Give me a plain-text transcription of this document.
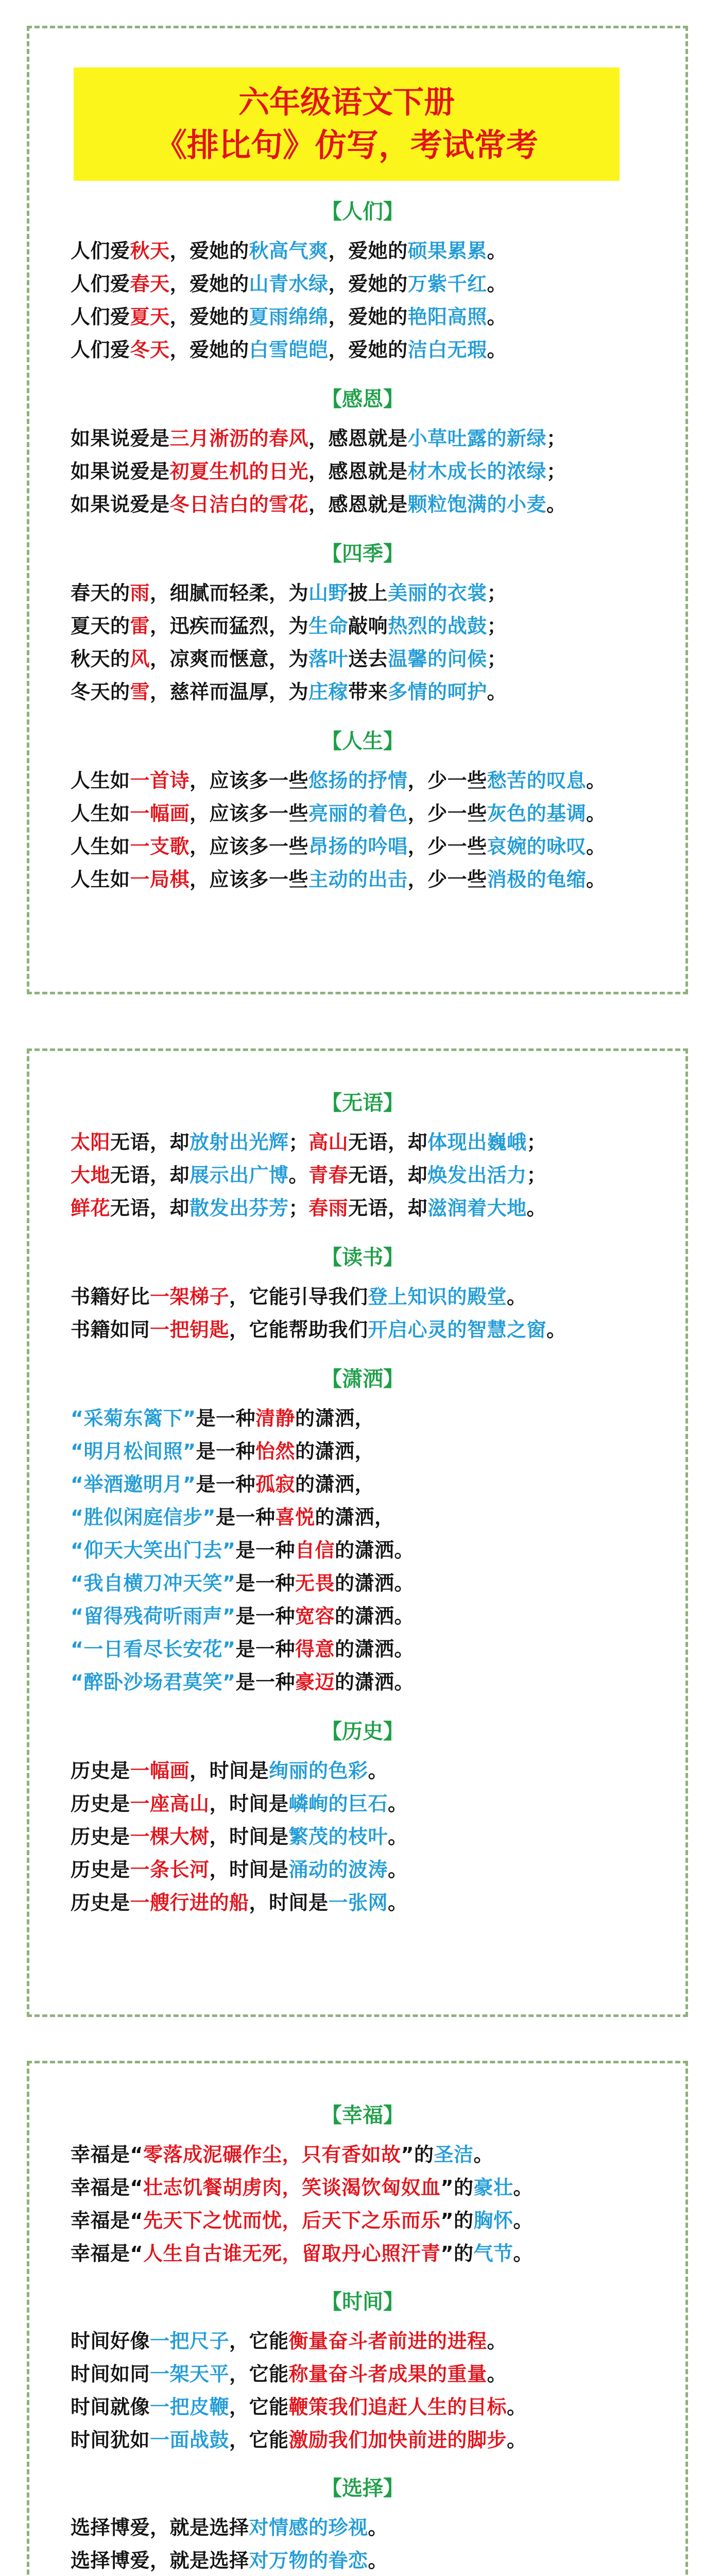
六年级语文下册
《排比句》仿写，考试常考
【人们】
人们爱秋天，爱她的秋高气爽，爱她的硕果累累。
人们爱春天，爱她的山青水绿，爱她的万紫千红。
人们爱夏天，爱她的夏雨绵绵，爱她的艳阳高照。
人们爱冬天，爱她的白雪皑皑，爱她的洁白无瑕。
【感恩】
如果说爱是三月淅沥的春风，感恩就是小草吐露的新绿；
如果说爱是初夏生机的日光，感恩就是材木成长的浓绿；
如果说爱是冬日洁白的雪花，感恩就是颗粒饱满的小麦。
【四季】
春天的雨，细腻而轻柔，为山野披上美丽的衣裳；
夏天的雷，迅疾而猛烈，为生命敲响热烈的战鼓；
秋天的风，凉爽而惬意，为落叶送去温馨的问候；
冬天的雪，慈祥而温厚，为庄稼带来多情的呵护。
【人生】
人生如一首诗，应该多一些悠扬的抒情，少一些愁苦的叹息。
人生如一幅画，应该多一些亮丽的着色，少一些灰色的基调。
人生如一支歌，应该多一些昂扬的吟唱，少一些哀婉的咏叹。
人生如一局棋，应该多一些主动的出击，少一些消极的龟缩。
【无语】
太阳无语，却放射出光辉；高山无语，却体现出巍峨；
大地无语，却展示出广博。青春无语，却焕发出活力；
鲜花无语，却散发出芬芳；春雨无语，却滋润着大地。
【读书】
书籍好比一架梯子，它能引导我们登上知识的殿堂。
书籍如同一把钥匙，它能帮助我们开启心灵的智慧之窗。
【潇洒】
“采菊东篱下”是一种清静的潇洒，
“明月松间照”是一种怡然的潇洒，
“举酒邀明月”是一种孤寂的潇洒，
“胜似闲庭信步”是一种喜悦的潇洒，
“仰天大笑出门去”是一种自信的潇洒。
“我自横刀冲天笑”是一种无畏的潇洒。
“留得残荷听雨声”是一种宽容的潇洒。
“一日看尽长安花”是一种得意的潇洒。
“醉卧沙场君莫笑”是一种豪迈的潇洒。
【历史】
历史是一幅画，时间是绚丽的色彩。
历史是一座高山，时间是嶙峋的巨石。
历史是一棵大树，时间是繁茂的枝叶。
历史是一条长河，时间是涌动的波涛。
历史是一艘行进的船，时间是一张网。
【幸福】
幸福是“零落成泥碾作尘，只有香如故”的圣洁。
幸福是“壮志饥餐胡虏肉，笑谈渴饮匈奴血”的豪壮。
幸福是“先天下之忧而忧，后天下之乐而乐”的胸怀。
幸福是“人生自古谁无死，留取丹心照汗青”的气节。
【时间】
时间好像一把尺子，它能衡量奋斗者前进的进程。
时间如同一架天平，它能称量奋斗者成果的重量。
时间就像一把皮鞭，它能鞭策我们追赶人生的目标。
时间犹如一面战鼓，它能激励我们加快前进的脚步。
【选择】
选择博爱，就是选择对情感的珍视。
选择博爱，就是选择对万物的眷恋。
